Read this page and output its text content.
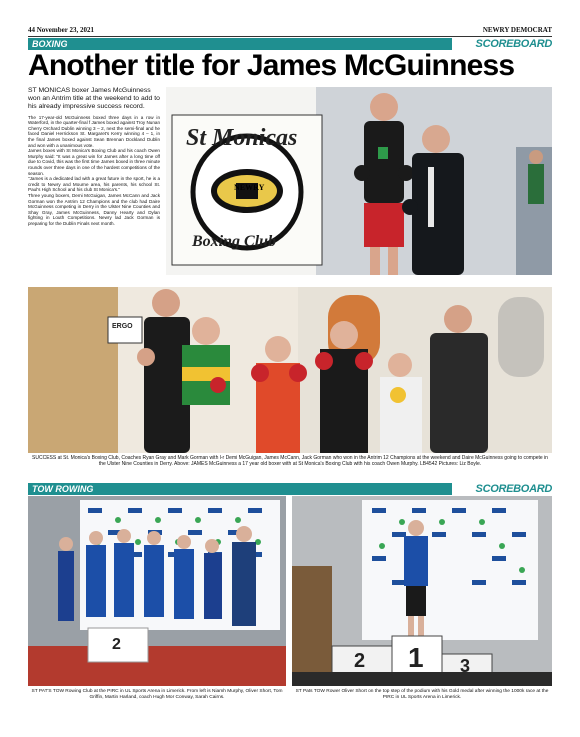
44 November 23, 2021	NEWRY DEMOCRAT
BOXING	SCOREBOARD
Another title for James McGuinness

ST MONICAS boxer James McGuinness won an Antrim title at the weekend to add to his already impressive success record.

The 17-year-old McGuinness boxed three days in a row in Waterford, in the quarter-final f James boxed against Troy Nunan Cherry Orchard Dublin winning 3 – 2, next the semi-final and he faced Daniel Herrickson St. Margaret's Kerry winning 4 – 1, in the final James boxed against Sean Brennan Dockland Dublin and won with a unanimous vote.

James boxes with St Monica's Boxing Club and his coach Owen Murphy said: "It was a great win for James after a long time off due to Covid, this was the first time James boxed in three minute rounds over three days in one of the hardest competitions of the season.

"James is a dedicated lad with a great future in the sport, he is a credit to Newry and Mourne area, his parents, his school St. Paul's High School and his club St Monica's."

Three young boxers, Demi McGuigan, James McCann and Jack Gorman won the Antrim 12 Champions and the club had Daire McGuinness competing in Derry in the Ulster Nine Counties and Shay Gray, James McGuinness, Danny Hearty and Dylan fighting in Louth Competitions. Newry lad Jack Gorman is preparing for the Dublin Finals next month.

St Monicas
NEWRY
Boxing Club
ERGO
SUCCESS at St. Monica's Boxing Club, Coaches Ryan Gray and Mark Gorman with l-r Demi McGuigan, James McCann, Jack Gorman who won in the Antrim 12 Champions at the weekend and Daire McGuinness going to compete in the Ulster Nine Counties in Derry. Above: JAMES McGuinness a 17 year old boxer with at St Monica's Boxing Club with his coach Owen Murphy. LB4542 Pictures: Liz Boyle.
TOW ROWING	SCOREBOARD
2
2 1 3
ST PAT'S TOW Rowing Club at the PIRC in UL Sports Arena in Limerick. From left is Niamh Murphy, Oliver Short, Tom Griffin, Martin Harland, coach Hugh Mor Conway, Sarah Cairns.
ST Pats TOW Rower Oliver Short on the top step of the podium with his Gold medal after winning the 1000k race at the PIRC in UL Sports Arena in Limerick.
